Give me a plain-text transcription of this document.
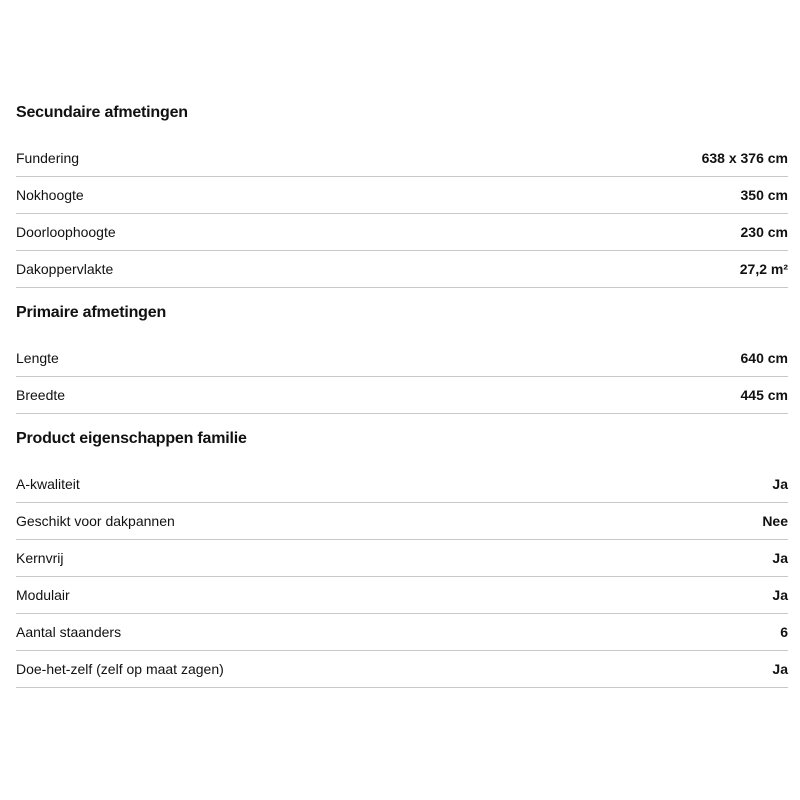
Secundaire afmetingen
Fundering	638 x 376 cm
Nokhoogte	350 cm
Doorloophoogte	230 cm
Dakoppervlakte	27,2 m²
Primaire afmetingen
Lengte	640 cm
Breedte	445 cm
Product eigenschappen familie
A-kwaliteit	Ja
Geschikt voor dakpannen	Nee
Kernvrij	Ja
Modulair	Ja
Aantal staanders	6
Doe-het-zelf (zelf op maat zagen)	Ja
